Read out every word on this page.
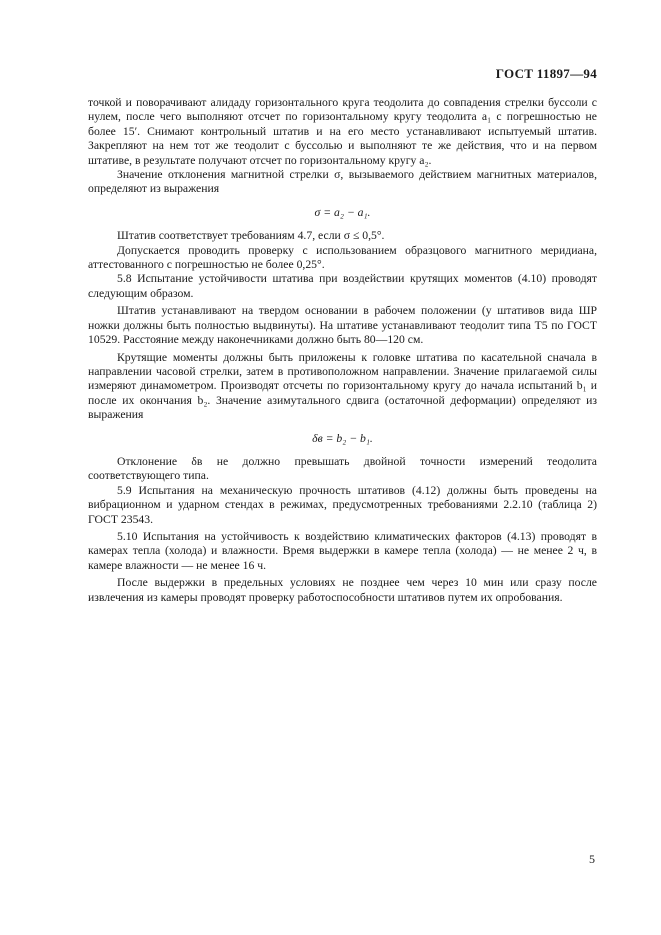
ГОСТ 11897—94

точкой и поворачивают алидаду горизонтального круга теодолита до совпадения стрелки буссоли с нулем, после чего выполняют отсчет по горизонтальному кругу теодолита a₁ с погрешностью не более 15′. Снимают контрольный штатив и на его место устанавливают испытуемый штатив. Закрепляют на нем тот же теодолит с буссолью и выполняют те же действия, что и на первом штативе, в результате получают отсчет по горизонтальному кругу a₂.

Значение отклонения магнитной стрелки σ, вызываемого действием магнитных материалов, определяют из выражения

σ = a₂ − a₁.

Штатив соответствует требованиям 4.7, если σ ≤ 0,5°.

Допускается проводить проверку с использованием образцового магнитного меридиана, аттестованного с погрешностью не более 0,25°.

5.8 Испытание устойчивости штатива при воздействии крутящих моментов (4.10) проводят следующим образом.

Штатив устанавливают на твердом основании в рабочем положении (у штативов вида ШР ножки должны быть полностью выдвинуты). На штативе устанавливают теодолит типа Т5 по ГОСТ 10529. Расстояние между наконечниками должно быть 80—120 см.

Крутящие моменты должны быть приложены к головке штатива по касательной сначала в направлении часовой стрелки, затем в противоположном направлении. Значение прилагаемой силы измеряют динамометром. Производят отсчеты по горизонтальному кругу до начала испытаний b₁ и после их окончания b₂. Значение азимутального сдвига (остаточной деформации) определяют из выражения

δв = b₂ − b₁.

Отклонение δв не должно превышать двойной точности измерений теодолита соответствующего типа.

5.9 Испытания на механическую прочность штативов (4.12) должны быть проведены на вибрационном и ударном стендах в режимах, предусмотренных требованиями 2.2.10 (таблица 2) ГОСТ 23543.

5.10 Испытания на устойчивость к воздействию климатических факторов (4.13) проводят в камерах тепла (холода) и влажности. Время выдержки в камере тепла (холода) — не менее 2 ч, в камере влажности — не менее 16 ч.

После выдержки в предельных условиях не позднее чем через 10 мин или сразу после извлечения из камеры проводят проверку работоспособности штативов путем их опробования.

5
